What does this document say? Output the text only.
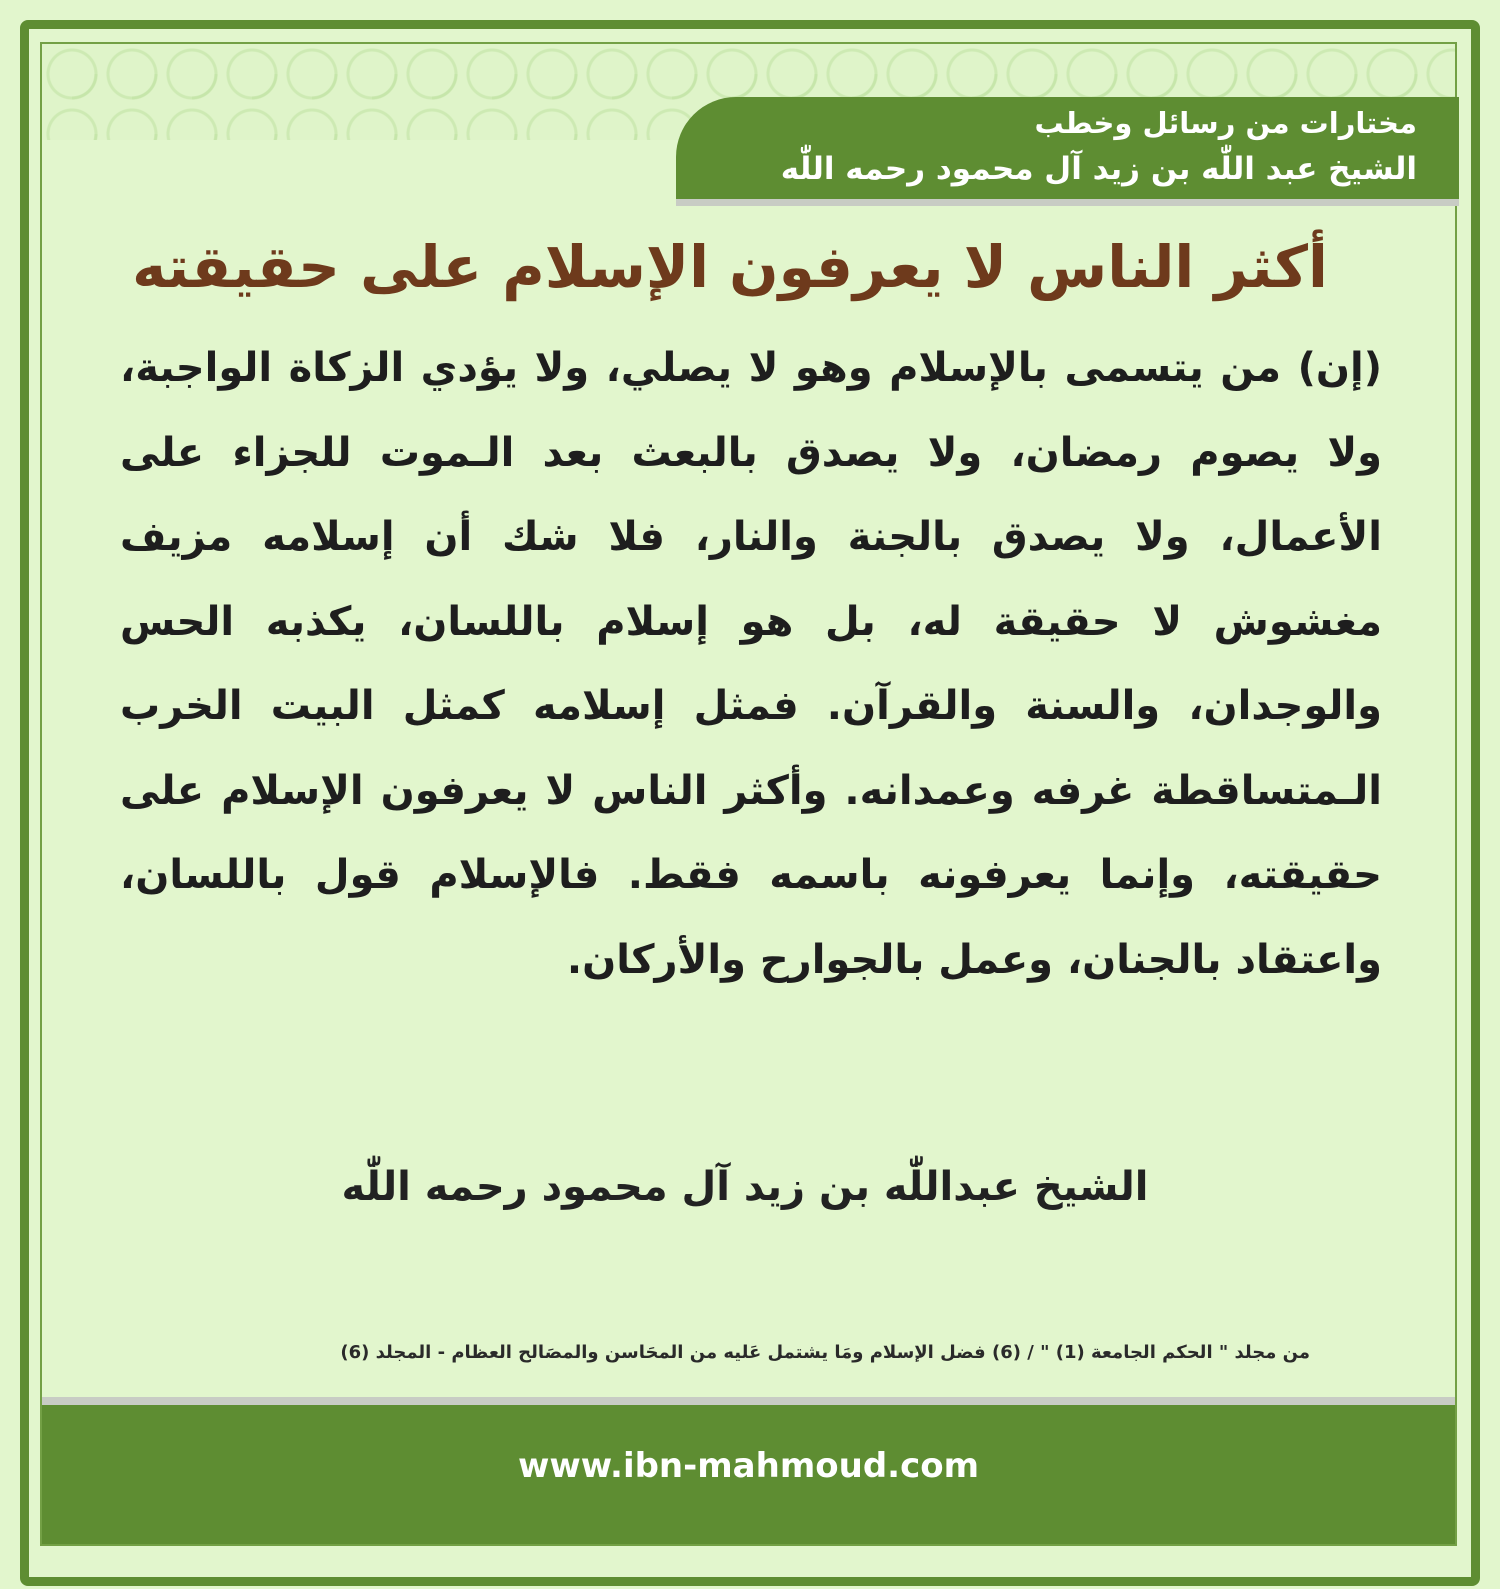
مختارات من رسائل وخطب
الشيخ عبد اللّٰه بن زيد آل محمود رحمه اللّٰه
أكثر الناس لا يعرفون الإسلام على حقيقته

(إن) من يتسمى بالإسلام وهو لا يصلي، ولا يؤدي الزكاة الواجبة، ولا يصوم رمضان، ولا يصدق بالبعث بعد الـموت للجزاء على الأعمال، ولا يصدق بالجنة والنار، فلا شك أن إسلامه مزيف مغشوش لا حقيقة له، بل هو إسلام باللسان، يكذبه الحس والوجدان، والسنة والقرآن. فمثل إسلامه كمثل البيت الخرب الـمتساقطة غرفه وعمدانه. وأكثر الناس لا يعرفون الإسلام على حقيقته، وإنما يعرفونه باسمه فقط. فالإسلام قول باللسان، واعتقاد بالجنان، وعمل بالجوارح والأركان.

الشيخ عبداللّٰه بن زيد آل محمود رحمه اللّٰه
من مجلد " الحكم الجامعة (1) " / (6) فضل الإسلام ومَا يشتمل عَليه من المحَاسن والمصَالح العظام - المجلد (6)
www.ibn-mahmoud.com
